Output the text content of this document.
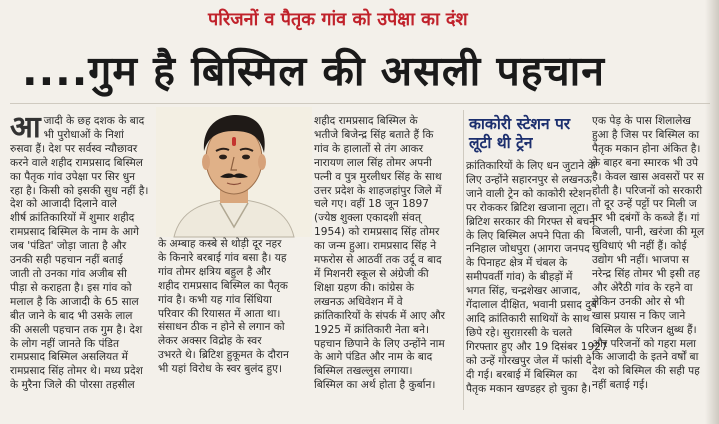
परिजनों व पैतृक गांव को उपेक्षा का दंश
....गुम है बिस्मिल की असली पहचान
आ जादी के छह दशक के बाद
भी पुरोधाओं के निशां
रुसवा हैं। देश पर सर्वस्व न्यौछावर
करने वाले शहीद रामप्रसाद बिस्मिल
का पैतृक गांव उपेक्षा पर सिर धुन
रहा है। किसी को इसकी सुध नहीं है।
देश को आजादी दिलाने वाले
शीर्ष क्रांतिकारियों में शुमार शहीद
रामप्रसाद बिस्मिल के नाम के आगे
जब 'पंडित' जोड़ा जाता है और
उनकी सही पहचान नहीं बताई
जाती तो उनका गांव अजीब सी
पीड़ा से कराहता है। इस गांव को
मलाल है कि आजादी के 65 साल
बीत जाने के बाद भी उसके लाल
की असली पहचान तक गुम है। देश
के लोग नहीं जानते कि पंडित
रामप्रसाद बिस्मिल असलियत में
रामप्रसाद सिंह तोमर थे। मध्य प्रदेश
के मुरैना जिले की पोरसा तहसील
के अम्बाह कस्बे से थोड़ी दूर नहर
के किनारे बरबाई गांव बसा है। यह
गांव तोमर क्षत्रिय बहुल है और
शहीद रामप्रसाद बिस्मिल का पैतृक
गांव है। कभी यह गांव सिंधिया
परिवार की रियासत में आता था।
संसाधन ठीक न होने से लगान को
लेकर अक्सर विद्रोह के स्वर
उभरते थे। ब्रिटिश हुकूमत के दौरान
भी यहां विरोध के स्वर बुलंद हुए।
शहीद रामप्रसाद बिस्मिल के
भतीजे बिजेन्द्र सिंह बताते हैं कि
गांव के हालातों से तंग आकर
नारायण लाल सिंह तोमर अपनी
पत्नी व पुत्र मुरलीधर सिंह के साथ
उत्तर प्रदेश के शाहजहांपुर जिले में
चले गए। वहीं 18 जून 1897
(ज्येष्ठ शुक्ला एकादशी संवत्
1954) को रामप्रसाद सिंह तोमर
का जन्म हुआ। रामप्रसाद सिंह ने
मफरोस से आठवीं तक उर्दू व बाद
में मिशनरी स्कूल से अंग्रेजी की
शिक्षा ग्रहण की। कांग्रेस के
लखनऊ अधिवेशन में वे
क्रांतिकारियों के संपर्क में आए और
1925 में क्रांतिकारी नेता बने।
पहचान छिपाने के लिए उन्होंने नाम
के आगे पंडित और नाम के बाद
बिस्मिल तखल्लुस लगाया।
बिस्मिल का अर्थ होता है कुर्बान।
काकोरी स्टेशन पर
लूटी थी ट्रेन
क्रांतिकारियों के लिए धन जुटाने के
लिए उन्होंने सहारनपुर से लखनऊ
जाने वाली ट्रेन को काकोरी स्टेशन
पर रोककर ब्रिटिश खजाना लूटा।
ब्रिटिश सरकार की गिरफ्त से बचने
के लिए बिस्मिल अपने पिता की
ननिहाल जोधपुरा (आगरा जनपद
के पिनाहट क्षेत्र में चंबल के
समीपवर्ती गांव) के बीहड़ों में
भगत सिंह, चन्द्रशेखर आजाद,
गेंदालाल दीक्षित, भवानी प्रसाद दुबे
आदि क्रांतिकारी साथियों के साथ
छिपे रहे। सुराग़रसी के चलते
गिरफ्तार हुए और 19 दिसंबर 1927
को उन्हें गोरखपुर जेल में फांसी दे
दी गई। बरबाई में बिस्मिल का
पैतृक मकान खण्डहर हो चुका है।
एक पेड़ के पास शिलालेख
हुआ है जिस पर बिस्मिल का
पैतृक मकान होना अंकित है।
के बाहर बना स्मारक भी उपे
है। केवल खास अवसरों पर स
होती है। परिजनों को सरकारी
तो दूर उन्हें पट्टों पर मिली ज
पर भी दबंगों के कब्जे हैं। गां
बिजली, पानी, खरंजा की मूल
सुविधाएं भी नहीं हैं। कोई
उद्योग भी नहीं। भाजपा स
नरेन्द्र सिंह तोमर भी इसी तह
और अेरैठी गांव के रहने वा
लेकिन उनकी ओर से भी
खास प्रयास न किए जाने
बिस्मिल के परिजन क्षुब्ध हैं।
और परिजनों को गहरा मला
कि आजादी के इतने वर्षों बा
देश को बिस्मिल की सही पह
नहीं बताई गई।
